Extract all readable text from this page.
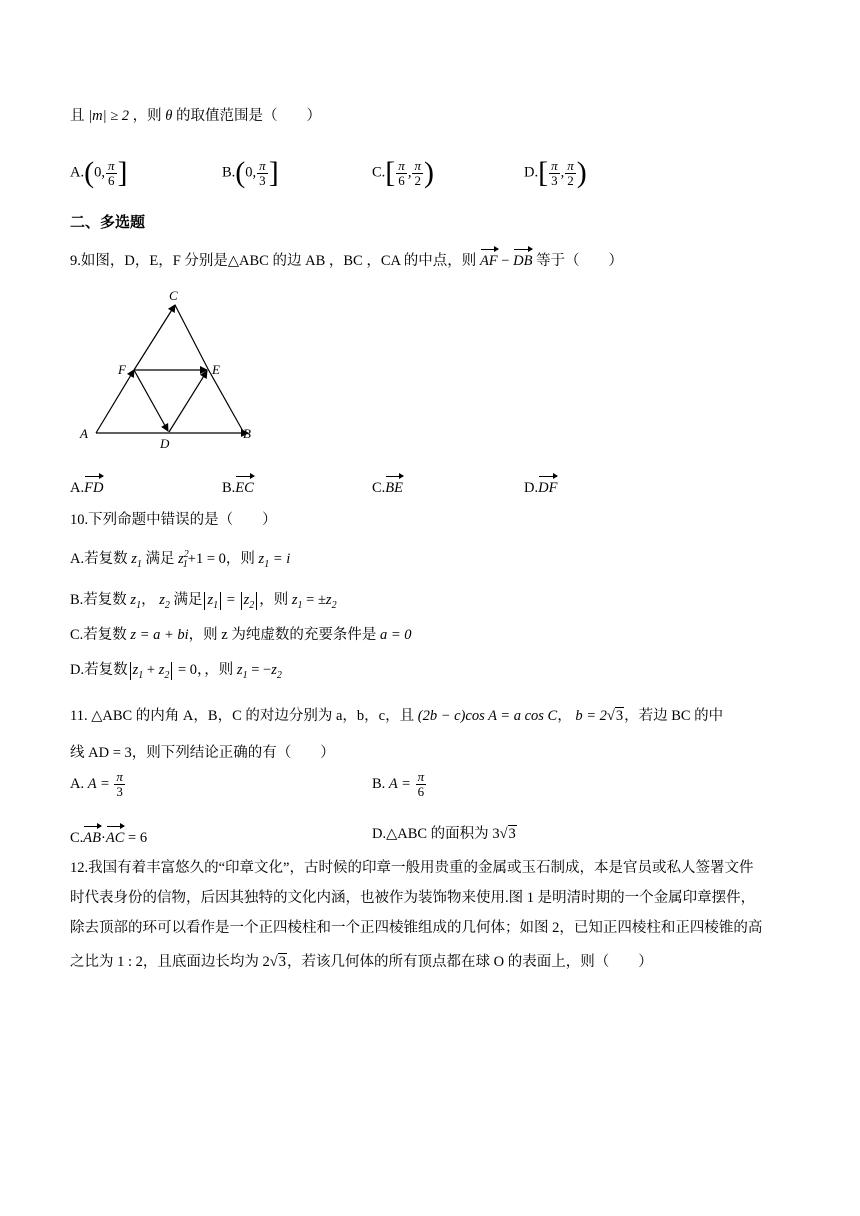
且 |m| ≥ 2 ，则 θ 的取值范围是（　　）
A.(0, $\frac{\pi}{6}$ ]	B.(0, $\frac{\pi}{3}$ ]	$C.[ \frac{\pi}{6}$ , $\frac{\pi}{2}$ )	$D.[ \frac{\pi}{3}$ , $\frac{\pi}{2}$ )
二、多选题
9.如图，D，E，F 分别是△ABC 的边 AB ，BC ，CA 的中点，则 AF − DB 等于（　　）
C
F	E
A
D
B
A.FD	B.EC	C.BE	D.DF
10.下列命题中错误的是（　　）
A.若复数 $z_1$ 满足 $z^2_1+1 = 0$，则 $z_1 = i$
B.若复数 $z_1$， $z_2$ 满足 $z_1 = z_2$ ，则 $z_1 = \pm z_2$
C.若复数 z = a + bi，则 z 为纯虚数的充要条件是 a = 0
D.若复数 $z_1 + z_2 = 0$，，则 $z_1 = -z_2$
11. △ABC 的内角 A，B，C 的对边分别为 a，b，c，且 (2b − c)cos A = a cos C， b = 2√3，若边 BC 的中
线 AD = 3，则下列结论正确的有（　　）
A. $A = \frac{\pi}{3}$	B. $A = \frac{\pi}{6}$
C.AB·AC = 6	D.△ABC 的面积为 3√3
12.我国有着丰富悠久的“印章文化”，古时候的印章一般用贵重的金属或玉石制成，本是官员或私人签署文件
时代表身份的信物，后因其独特的文化内涵，也被作为装饰物来使用.图 1 是明清时期的一个金属印章摆件，
除去顶部的环可以看作是一个正四棱柱和一个正四棱锥组成的几何体；如图 2，已知正四棱柱和正四棱锥的高
之比为 1 : 2，且底面边长均为 2√3，若该几何体的所有顶点都在球 O 的表面上，则（　　）
